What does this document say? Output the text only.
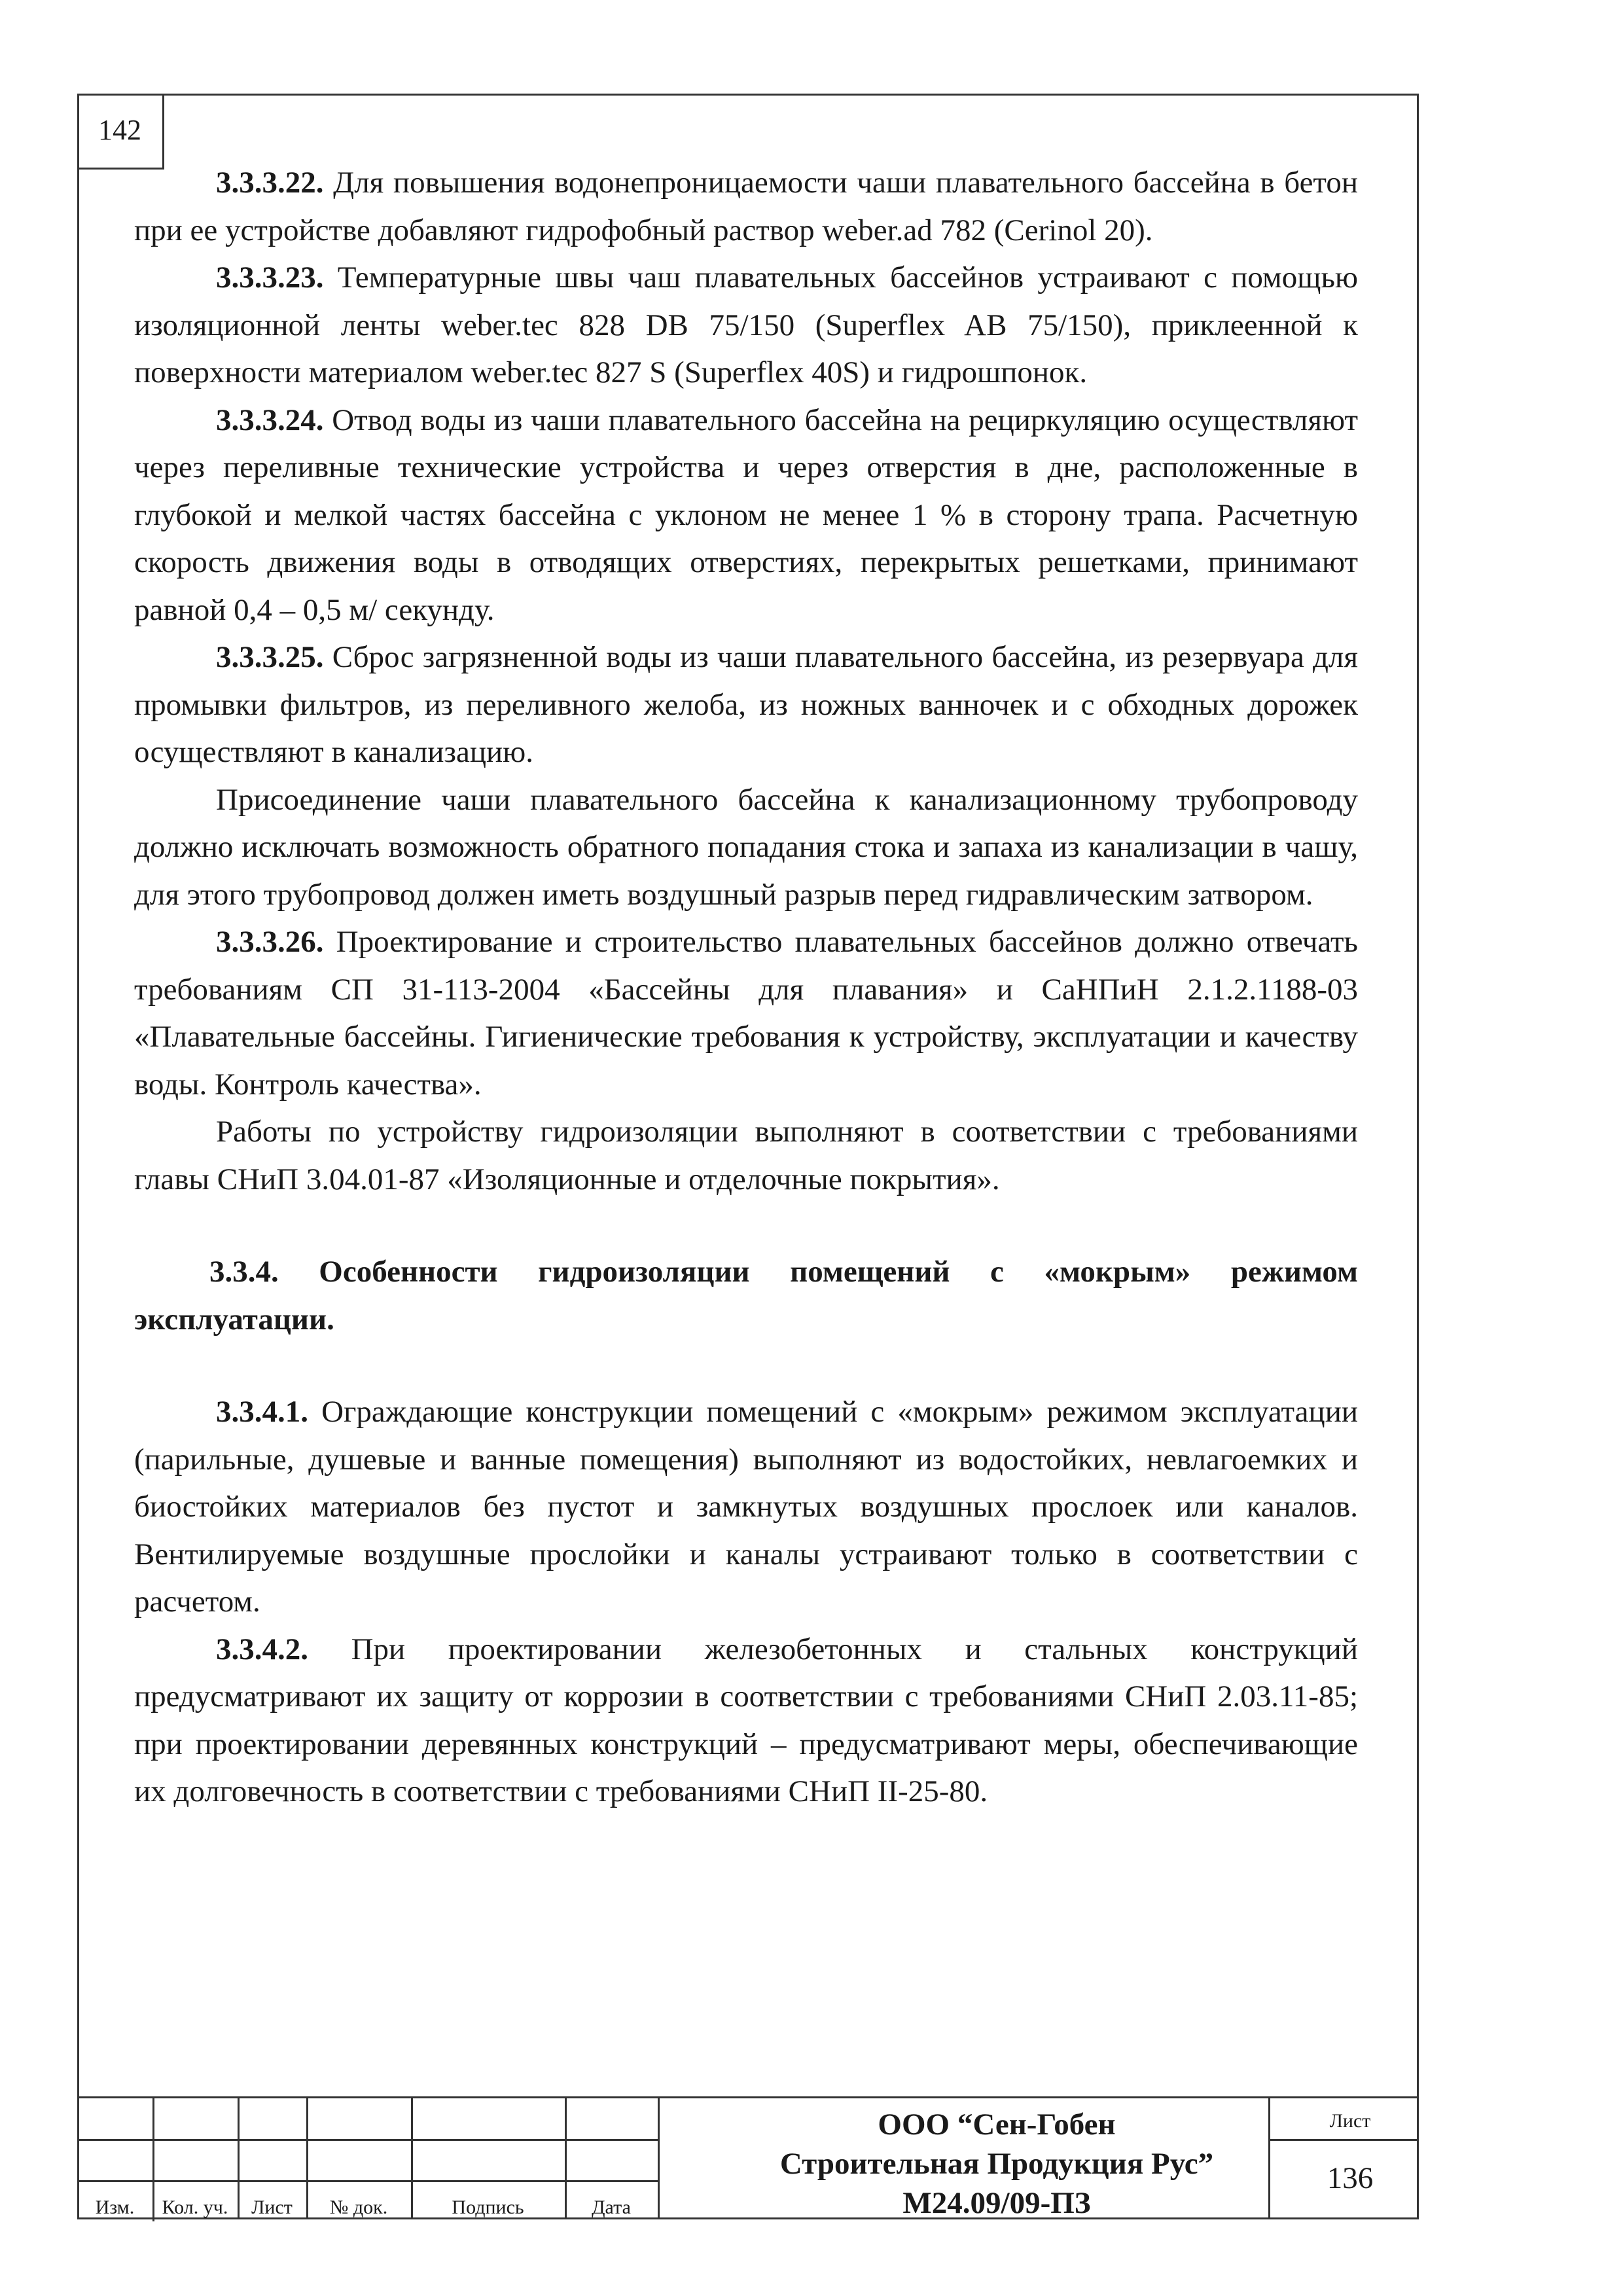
142

3.3.3.22. Для повышения водонепроницаемости чаши плавательного бассейна в бетон при ее устройстве добавляют гидрофобный раствор weber.ad 782 (Cerinol 20).

3.3.3.23. Температурные швы чаш плавательных бассейнов устраивают с помощью изоляционной ленты weber.tec 828 DB 75/150 (Superflex AB 75/150), приклеенной к поверхности материалом weber.tec 827 S (Superflex 40S) и гидрошпонок.

3.3.3.24. Отвод воды из чаши плавательного бассейна на рециркуляцию осуществляют через переливные технические устройства и через отверстия в дне, расположенные в глубокой и мелкой частях бассейна с уклоном не менее 1 % в сторону трапа. Расчетную скорость движения воды в отводящих отверстиях, перекрытых решетками, принимают равной 0,4 – 0,5 м/ секунду.

3.3.3.25. Сброс загрязненной воды из чаши плавательного бассейна, из резервуара для промывки фильтров, из переливного желоба, из ножных ванночек и с обходных дорожек осуществляют в канализацию.

Присоединение чаши плавательного бассейна к канализационному трубопроводу должно исключать возможность обратного попадания стока и запаха из канализации в чашу, для этого трубопровод должен иметь воздушный разрыв перед гидравлическим затвором.

3.3.3.26. Проектирование и строительство плавательных бассейнов должно отвечать требованиям СП 31-113-2004 «Бассейны для плавания» и СаНПиН 2.1.2.1188-03 «Плавательные бассейны. Гигиенические требования к устройству, эксплуатации и качеству воды. Контроль качества».

Работы по устройству гидроизоляции выполняют в соответствии с требованиями главы СНиП 3.04.01-87 «Изоляционные и отделочные покрытия».

3.3.4. Особенности гидроизоляции помещений с «мокрым» режимом эксплуатации.

3.3.4.1. Ограждающие конструкции помещений с «мокрым» режимом эксплуатации (парильные, душевые и ванные помещения) выполняют из водостойких, невлагоемких и биостойких материалов без пустот и замкнутых воздушных прослоек или каналов. Вентилируемые воздушные прослойки и каналы устраивают только в соответствии с расчетом.

3.3.4.2. При проектировании железобетонных и стальных конструкций предусматривают их защиту от коррозии в соответствии с требованиями СНиП 2.03.11-85; при проектировании деревянных конструкций – предусматривают меры, обеспечивающие их долговечность в соответствии с требованиями СНиП II-25-80.

Изм.	Кол. уч.	Лист	№ док.	Подпись	Дата
ООО “Сен-Гобен
Строительная Продукция Рус”
М24.09/09-ПЗ
Лист
136
